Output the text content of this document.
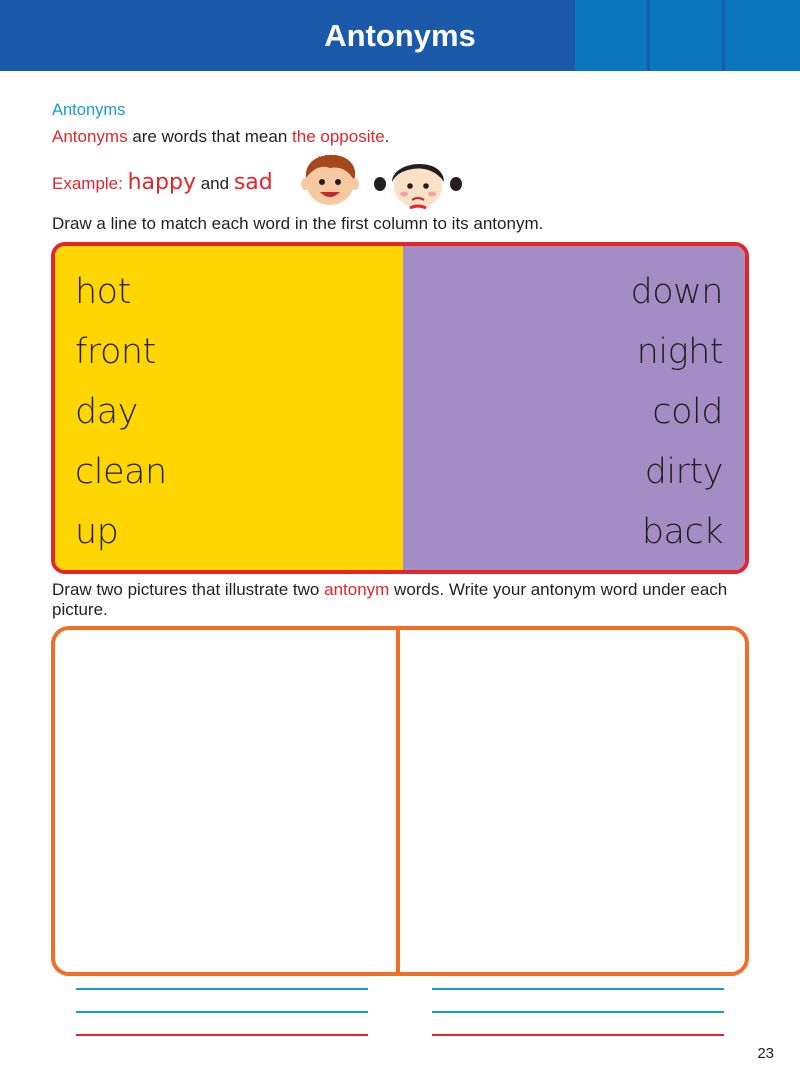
Antonyms
Antonyms
Antonyms are words that mean the opposite.
Example: happy and sad
Draw a line to match each word in the first column to its antonym.
hot
front
day
clean
up
down
night
cold
dirty
back
Draw two pictures that illustrate two antonym words. Write your antonym word under each picture.
23
